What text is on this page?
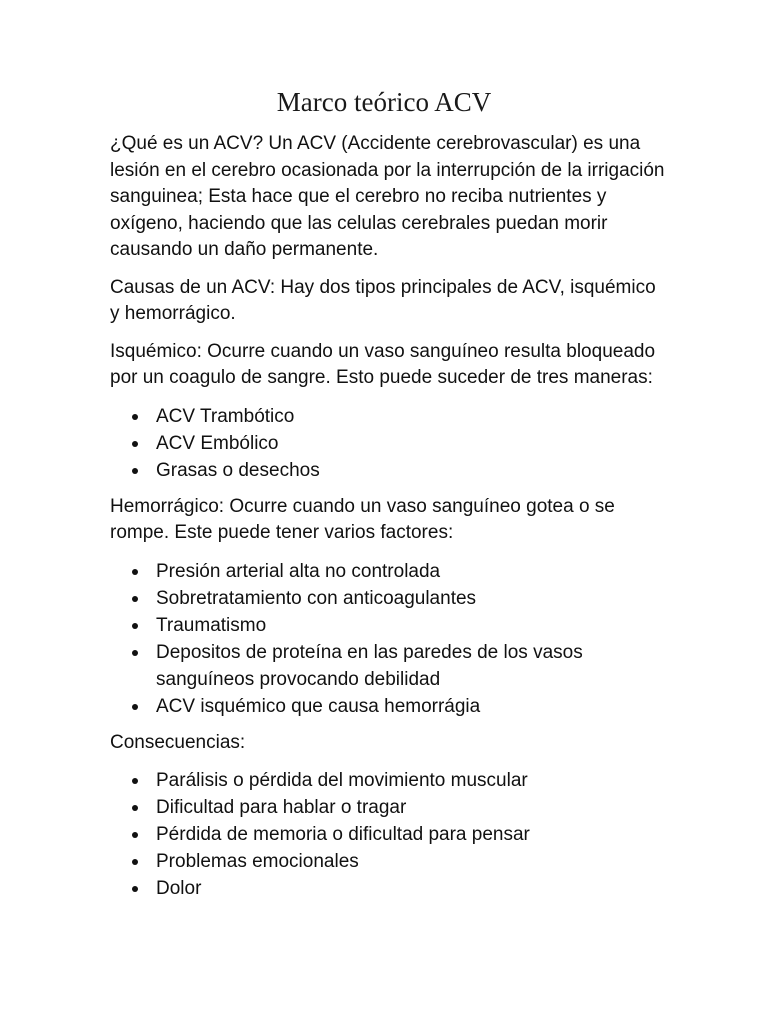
Marco teórico ACV

¿Qué es un ACV? Un ACV (Accidente cerebrovascular) es una lesión en el cerebro ocasionada por la interrupción de la irrigación sanguinea; Esta hace que el cerebro no reciba nutrientes y oxígeno, haciendo que las celulas cerebrales puedan morir causando un daño permanente.

Causas de un ACV: Hay dos tipos principales de ACV, isquémico y hemorrágico.

Isquémico: Ocurre cuando un vaso sanguíneo resulta bloqueado por un coagulo de sangre. Esto puede suceder de tres maneras:

ACV Trambótico
ACV Embólico
Grasas o desechos

Hemorrágico: Ocurre cuando un vaso sanguíneo gotea o se rompe. Este puede tener varios factores:

Presión arterial alta no controlada
Sobretratamiento con anticoagulantes
Traumatismo
Depositos de proteína en las paredes de los vasos sanguíneos provocando debilidad
ACV isquémico que causa hemorrágia

Consecuencias:

Parálisis o pérdida del movimiento muscular
Dificultad para hablar o tragar
Pérdida de memoria o dificultad para pensar
Problemas emocionales
Dolor
